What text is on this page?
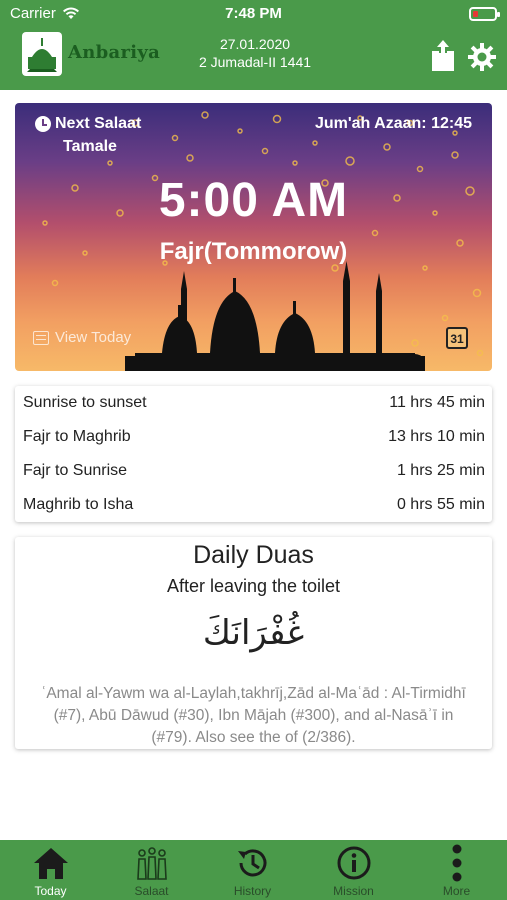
Carrier	7:48 PM
Anbariya	27.01.2020
2 Jumadal-II 1441
Next Salaat
Tamale
Jum'ah Azaan: 12:45
5:00 AM
Fajr(Tommorow)
View Today	31
Sunrise to sunset	11 hrs 45 min
Fajr to Maghrib	13 hrs 10 min
Fajr to Sunrise	1 hrs 25 min
Maghrib to Isha	0 hrs 55 min
Daily Duas
After leaving the toilet
غُفْرَانَكَ
ʿAmal al-Yawm wa al-Laylah,takhrīj,Zād al-Maʿād : Al-Tirmidhī (#7), Abū Dāwud (#30), Ibn Mājah (#300), and al-Nasāʾī in (#79). Also see the of (2/386).
Today	Salaat	History	Mission	More
